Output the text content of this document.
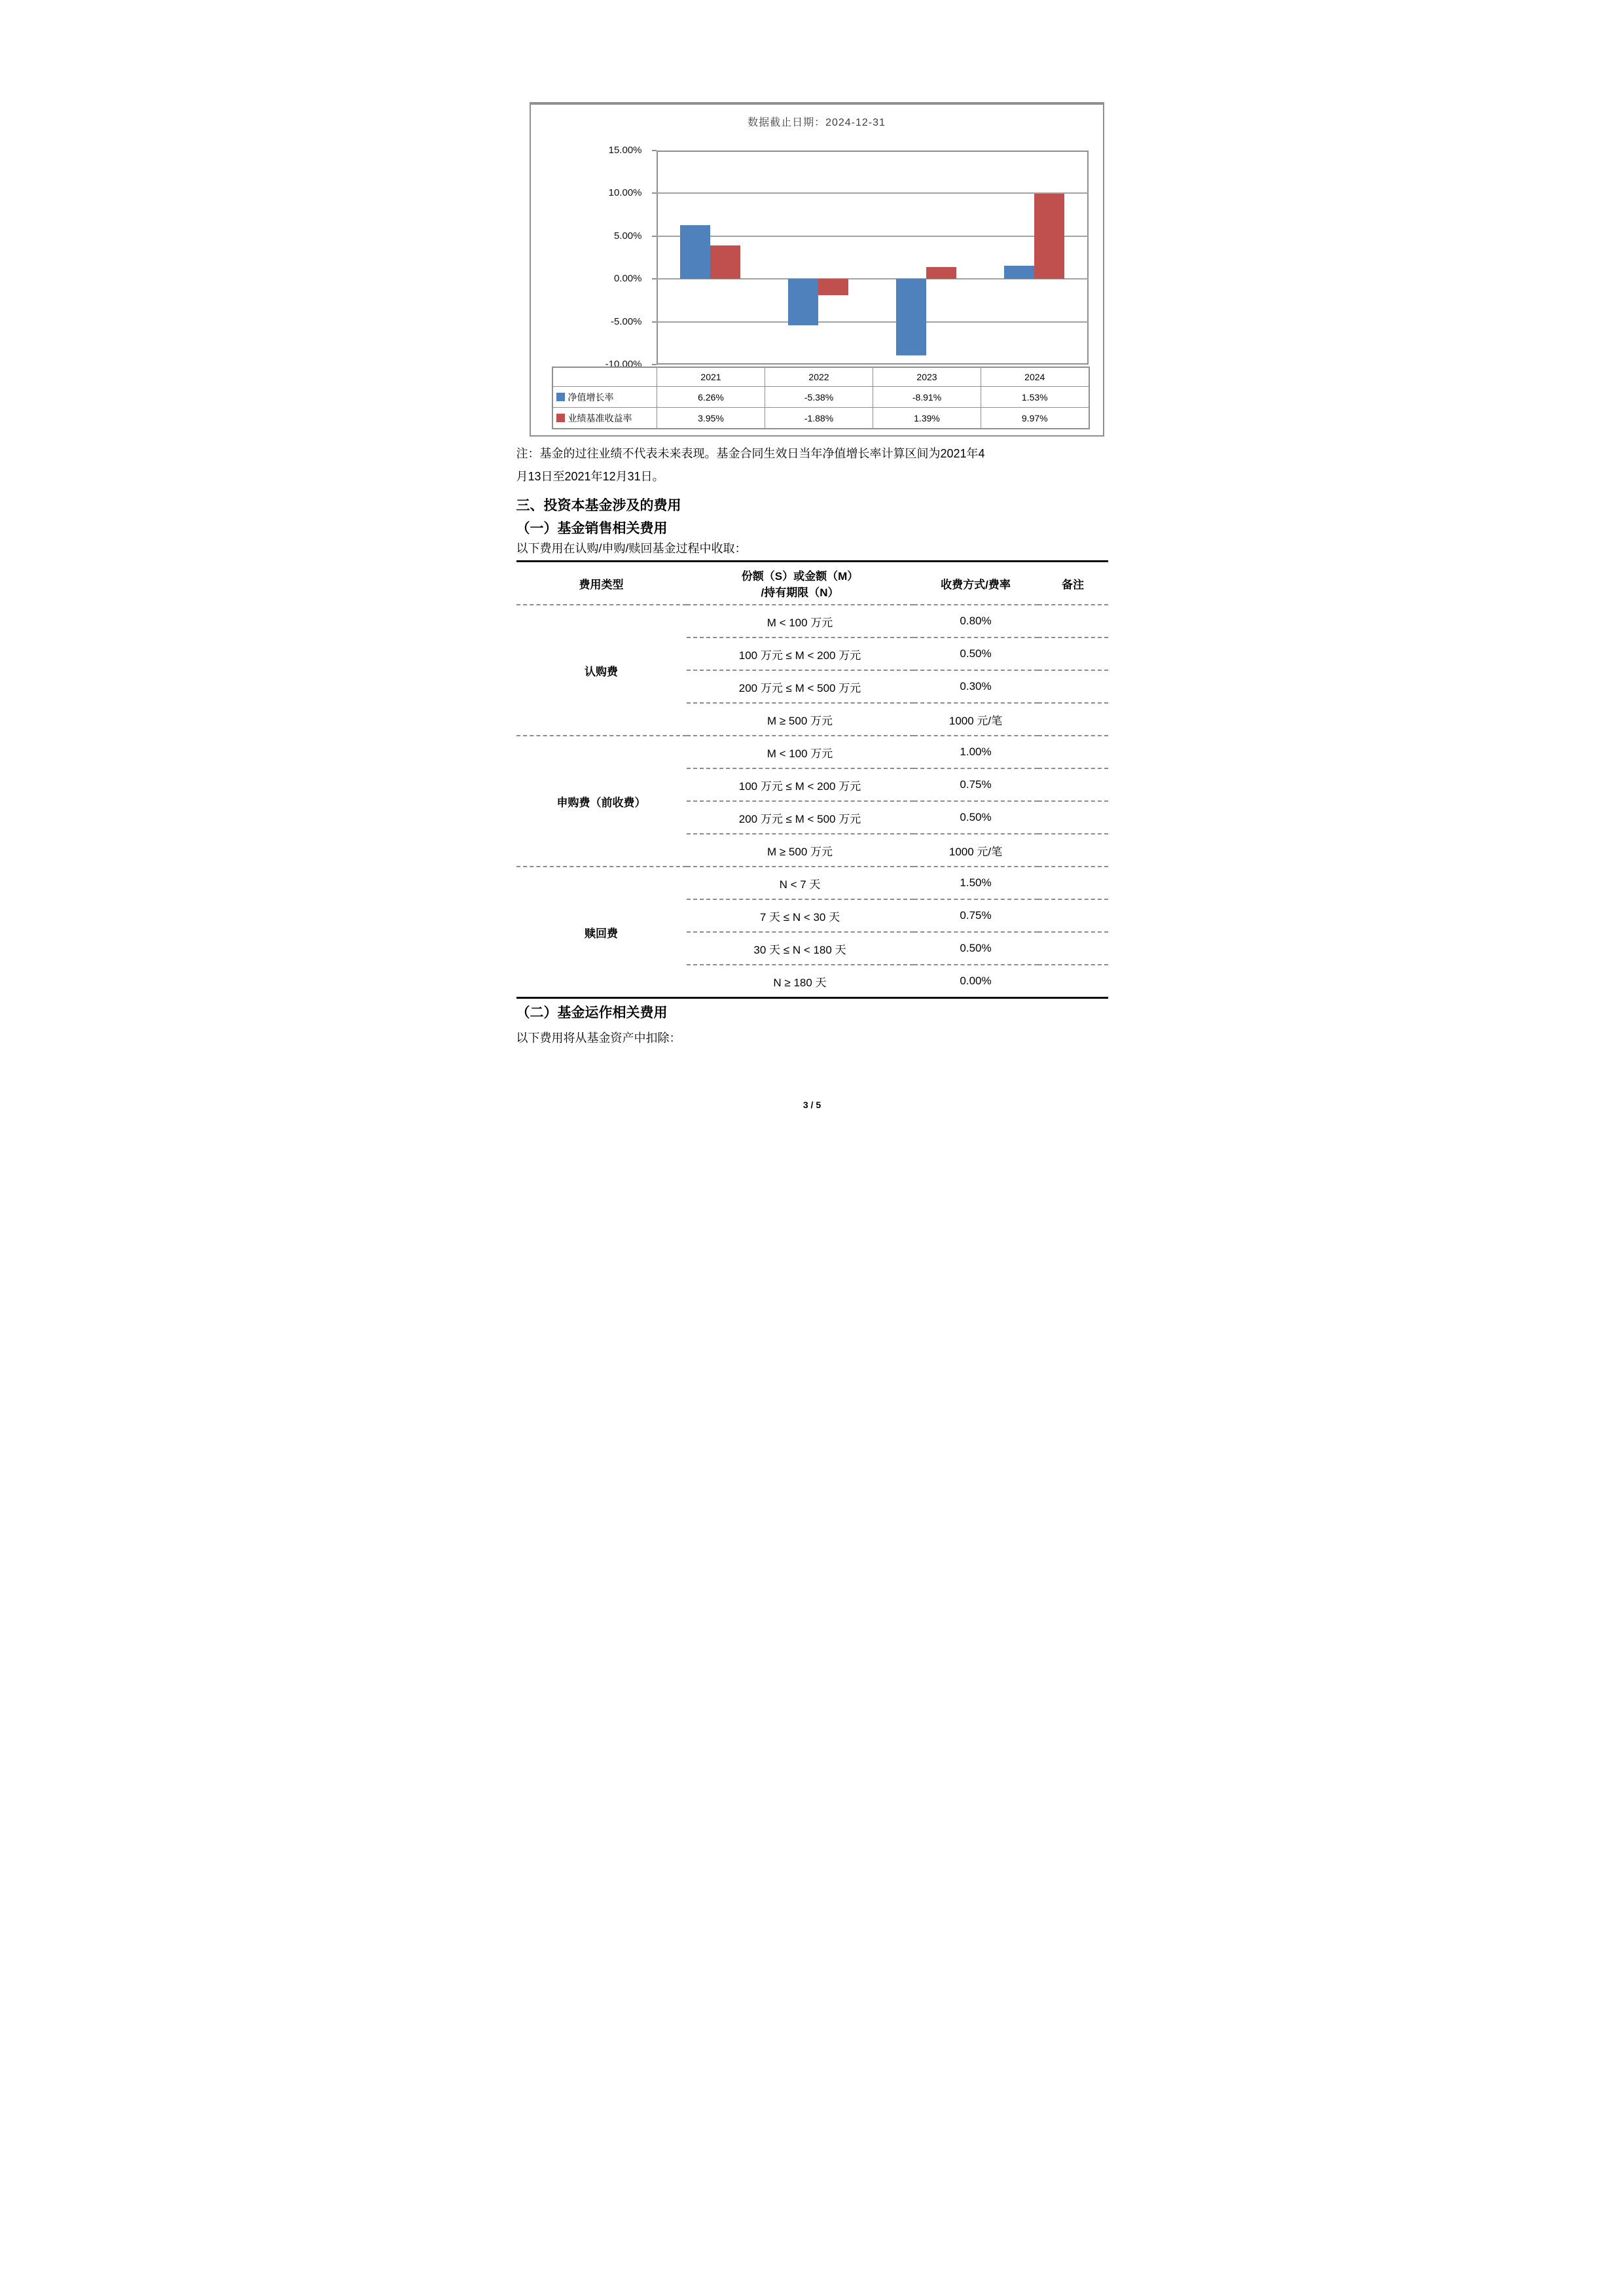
数据截止日期：2024-12-31
15.00%
10.00%
5.00%
0.00%
-5.00%
-10.00%
	2021	2022	2023	2024
净值增长率	6.26%	-5.38%	-8.91%	1.53%
业绩基准收益率	3.95%	-1.88%	1.39%	9.97%
注：基金的过往业绩不代表未来表现。基金合同生效日当年净值增长率计算区间为2021年4
月13日至2021年12月31日。
三、投资本基金涉及的费用
（一）基金销售相关费用
以下费用在认购/申购/赎回基金过程中收取：
费用类型	份额（S）或金额（M）
/持有期限（N）	收费方式/费率	备注
认购费	M < 100 万元	0.80%	
	100 万元 ≤ M < 200 万元	0.50%	
	200 万元 ≤ M < 500 万元	0.30%	
	M ≥ 500 万元	1000 元/笔	
申购费（前收费）	M < 100 万元	1.00%	
	100 万元 ≤ M < 200 万元	0.75%	
	200 万元 ≤ M < 500 万元	0.50%	
	M ≥ 500 万元	1000 元/笔	
赎回费	N < 7 天	1.50%	
	7 天 ≤ N < 30 天	0.75%	
	30 天 ≤ N < 180 天	0.50%	
	N ≥ 180 天	0.00%	
（二）基金运作相关费用
以下费用将从基金资产中扣除：
3 / 5
